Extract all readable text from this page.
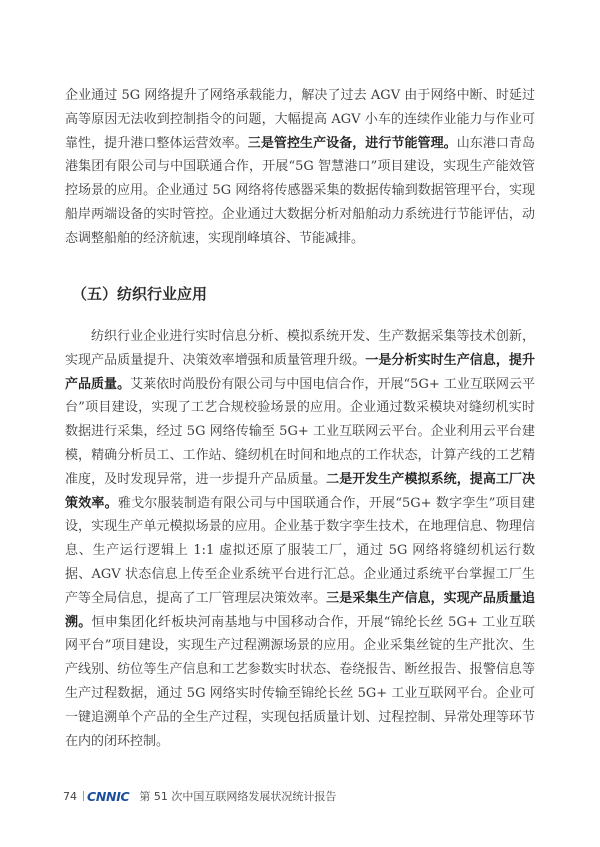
企业通过 5G 网络提升了网络承载能力，解决了过去 AGV 由于网络中断、时延过高等原因无法收到控制指令的问题，大幅提高 AGV 小车的连续作业能力与作业可靠性，提升港口整体运营效率。三是管控生产设备，进行节能管理。山东港口青岛港集团有限公司与中国联通合作，开展“5G 智慧港口”项目建设，实现生产能效管控场景的应用。企业通过 5G 网络将传感器采集的数据传输到数据管理平台，实现船岸两端设备的实时管控。企业通过大数据分析对船舶动力系统进行节能评估，动态调整船舶的经济航速，实现削峰填谷、节能减排。

（五）纺织行业应用

纺织行业企业进行实时信息分析、模拟系统开发、生产数据采集等技术创新，实现产品质量提升、决策效率增强和质量管理升级。一是分析实时生产信息，提升产品质量。艾莱依时尚股份有限公司与中国电信合作，开展“5G+ 工业互联网云平台”项目建设，实现了工艺合规校验场景的应用。企业通过数采模块对缝纫机实时数据进行采集，经过 5G 网络传输至 5G+ 工业互联网云平台。企业利用云平台建模，精确分析员工、工作站、缝纫机在时间和地点的工作状态，计算产线的工艺精准度，及时发现异常，进一步提升产品质量。二是开发生产模拟系统，提高工厂决策效率。雅戈尔服装制造有限公司与中国联通合作，开展“5G+ 数字孪生”项目建设，实现生产单元模拟场景的应用。企业基于数字孪生技术，在地理信息、物理信息、生产运行逻辑上 1:1 虚拟还原了服装工厂，通过 5G 网络将缝纫机运行数据、AGV 状态信息上传至企业系统平台进行汇总。企业通过系统平台掌握工厂生产等全局信息，提高了工厂管理层决策效率。三是采集生产信息，实现产品质量追溯。恒申集团化纤板块河南基地与中国移动合作，开展“锦纶长丝 5G+ 工业互联网平台”项目建设，实现生产过程溯源场景的应用。企业采集丝锭的生产批次、生产线别、纺位等生产信息和工艺参数实时状态、卷绕报告、断丝报告、报警信息等生产过程数据，通过 5G 网络实时传输至锦纶长丝 5G+ 工业互联网平台。企业可一键追溯单个产品的全生产过程，实现包括质量计划、过程控制、异常处理等环节在内的闭环控制。

74 CNNIC 第 51 次中国互联网络发展状况统计报告
